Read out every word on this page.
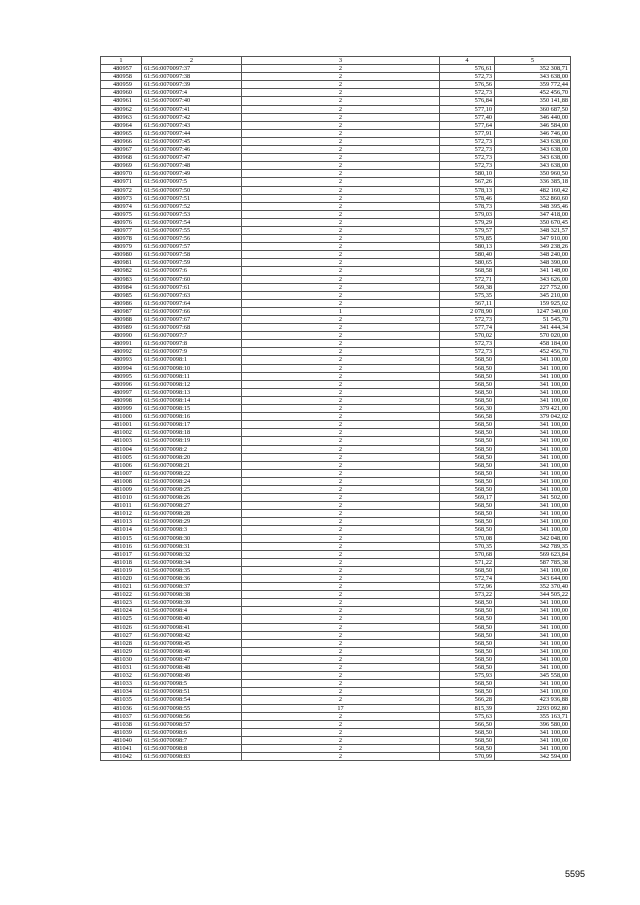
1	2	3	4	5
480957	61:56:0070097:37	2	576,61	352 308,71
480958	61:56:0070097:38	2	572,73	343 638,00
480959	61:56:0070097:39	2	576,56	359 772,44
480960	61:56:0070097:4	2	572,73	452 456,70
480961	61:56:0070097:40	2	576,84	350 141,88
480962	61:56:0070097:41	2	577,10	360 687,50
480963	61:56:0070097:42	2	577,40	346 440,00
480964	61:56:0070097:43	2	577,64	346 584,00
480965	61:56:0070097:44	2	577,91	346 746,00
480966	61:56:0070097:45	2	572,73	343 638,00
480967	61:56:0070097:46	2	572,73	343 638,00
480968	61:56:0070097:47	2	572,73	343 638,00
480969	61:56:0070097:48	2	572,73	343 638,00
480970	61:56:0070097:49	2	580,10	350 960,50
480971	61:56:0070097:5	2	567,26	336 385,18
480972	61:56:0070097:50	2	578,13	482 160,42
480973	61:56:0070097:51	2	578,46	352 860,60
480974	61:56:0070097:52	2	578,73	348 395,46
480975	61:56:0070097:53	2	579,03	347 418,00
480976	61:56:0070097:54	2	579,29	350 670,45
480977	61:56:0070097:55	2	579,57	348 321,57
480978	61:56:0070097:56	2	579,85	347 910,00
480979	61:56:0070097:57	2	580,13	349 238,26
480980	61:56:0070097:58	2	580,40	348 240,00
480981	61:56:0070097:59	2	580,65	348 390,00
480982	61:56:0070097:6	2	568,58	341 148,00
480983	61:56:0070097:60	2	572,71	343 626,00
480984	61:56:0070097:61	2	569,38	227 752,00
480985	61:56:0070097:63	2	575,35	345 210,00
480986	61:56:0070097:64	2	567,11	159 925,02
480987	61:56:0070097:66	1	2 078,90	1247 340,00
480988	61:56:0070097:67	2	572,73	51 545,70
480989	61:56:0070097:68	2	577,74	341 444,34
480990	61:56:0070097:7	2	570,02	570 020,00
480991	61:56:0070097:8	2	572,73	458 184,00
480992	61:56:0070097:9	2	572,73	452 456,70
480993	61:56:0070098:1	2	568,50	341 100,00
480994	61:56:0070098:10	2	568,50	341 100,00
480995	61:56:0070098:11	2	568,50	341 100,00
480996	61:56:0070098:12	2	568,50	341 100,00
480997	61:56:0070098:13	2	568,50	341 100,00
480998	61:56:0070098:14	2	568,50	341 100,00
480999	61:56:0070098:15	2	566,30	379 421,00
481000	61:56:0070098:16	2	566,58	379 042,02
481001	61:56:0070098:17	2	568,50	341 100,00
481002	61:56:0070098:18	2	568,50	341 100,00
481003	61:56:0070098:19	2	568,50	341 100,00
481004	61:56:0070098:2	2	568,50	341 100,00
481005	61:56:0070098:20	2	568,50	341 100,00
481006	61:56:0070098:21	2	568,50	341 100,00
481007	61:56:0070098:22	2	568,50	341 100,00
481008	61:56:0070098:24	2	568,50	341 100,00
481009	61:56:0070098:25	2	568,50	341 100,00
481010	61:56:0070098:26	2	569,17	341 502,00
481011	61:56:0070098:27	2	568,50	341 100,00
481012	61:56:0070098:28	2	568,50	341 100,00
481013	61:56:0070098:29	2	568,50	341 100,00
481014	61:56:0070098:3	2	568,50	341 100,00
481015	61:56:0070098:30	2	570,08	342 048,00
481016	61:56:0070098:31	2	570,35	342 789,35
481017	61:56:0070098:32	2	570,68	569 623,84
481018	61:56:0070098:34	2	571,22	587 785,38
481019	61:56:0070098:35	2	568,50	341 100,00
481020	61:56:0070098:36	2	572,74	343 644,00
481021	61:56:0070098:37	2	572,96	352 370,40
481022	61:56:0070098:38	2	573,22	344 505,22
481023	61:56:0070098:39	2	568,50	341 100,00
481024	61:56:0070098:4	2	568,50	341 100,00
481025	61:56:0070098:40	2	568,50	341 100,00
481026	61:56:0070098:41	2	568,50	341 100,00
481027	61:56:0070098:42	2	568,50	341 100,00
481028	61:56:0070098:45	2	568,50	341 100,00
481029	61:56:0070098:46	2	568,50	341 100,00
481030	61:56:0070098:47	2	568,50	341 100,00
481031	61:56:0070098:48	2	568,50	341 100,00
481032	61:56:0070098:49	2	575,93	345 558,00
481033	61:56:0070098:5	2	568,50	341 100,00
481034	61:56:0070098:51	2	568,50	341 100,00
481035	61:56:0070098:54	2	566,28	423 936,88
481036	61:56:0070098:55	17	815,39	2293 092,80
481037	61:56:0070098:56	2	575,63	355 163,71
481038	61:56:0070098:57	2	566,50	396 580,00
481039	61:56:0070098:6	2	568,50	341 100,00
481040	61:56:0070098:7	2	568,50	341 100,00
481041	61:56:0070098:8	2	568,50	341 100,00
481042	61:56:0070098:83	2	570,99	342 594,00
5595
